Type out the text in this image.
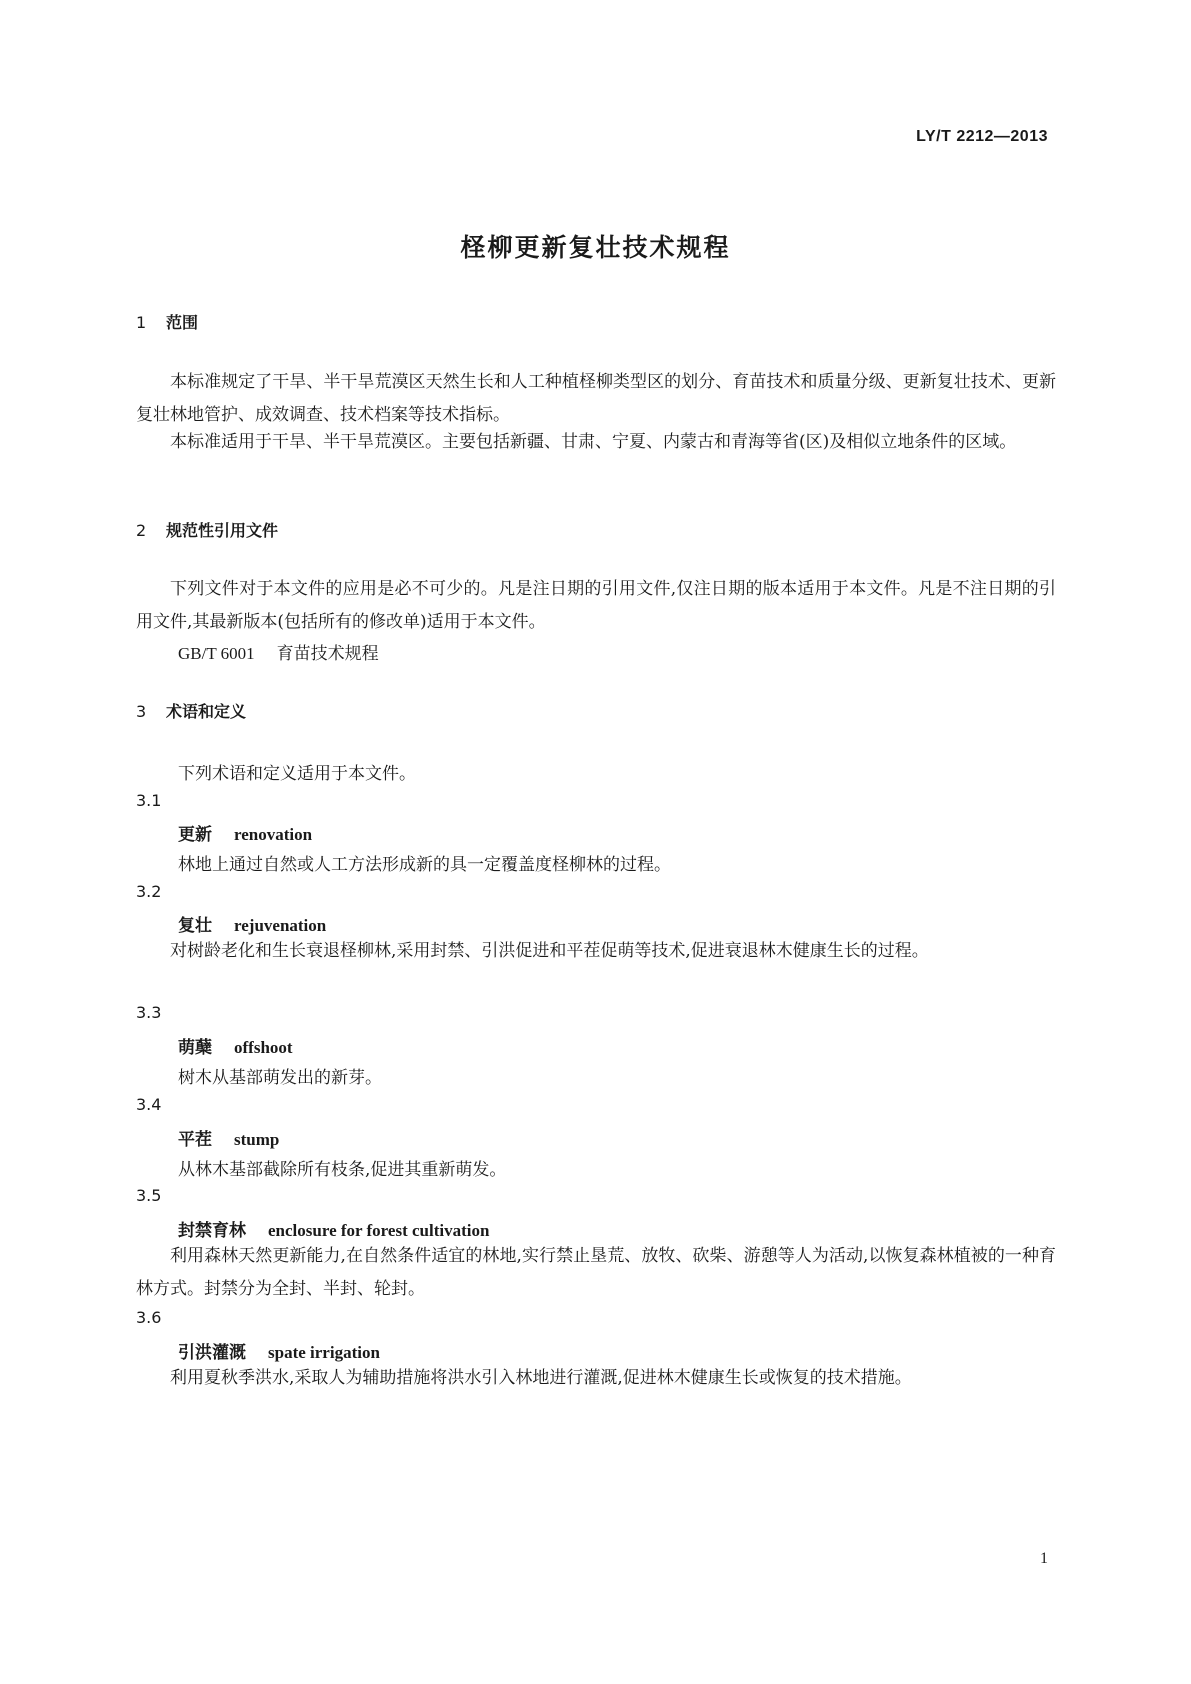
LY/T 2212—2013
柽柳更新复壮技术规程
1 范围
本标准规定了干旱、半干旱荒漠区天然生长和人工种植柽柳类型区的划分、育苗技术和质量分级、更新复壮技术、更新复壮林地管护、成效调查、技术档案等技术指标。
本标准适用于干旱、半干旱荒漠区。主要包括新疆、甘肃、宁夏、内蒙古和青海等省(区)及相似立地条件的区域。
2 规范性引用文件
下列文件对于本文件的应用是必不可少的。凡是注日期的引用文件,仅注日期的版本适用于本文件。凡是不注日期的引用文件,其最新版本(包括所有的修改单)适用于本文件。
GB/T 6001 育苗技术规程
3 术语和定义
下列术语和定义适用于本文件。
3.1
更新 renovation
林地上通过自然或人工方法形成新的具一定覆盖度柽柳林的过程。
3.2
复壮 rejuvenation
对树龄老化和生长衰退柽柳林,采用封禁、引洪促进和平茬促萌等技术,促进衰退林木健康生长的过程。
3.3
萌蘖 offshoot
树木从基部萌发出的新芽。
3.4
平茬 stump
从林木基部截除所有枝条,促进其重新萌发。
3.5
封禁育林 enclosure for forest cultivation
利用森林天然更新能力,在自然条件适宜的林地,实行禁止垦荒、放牧、砍柴、游憩等人为活动,以恢复森林植被的一种育林方式。封禁分为全封、半封、轮封。
3.6
引洪灌溉 spate irrigation
利用夏秋季洪水,采取人为辅助措施将洪水引入林地进行灌溉,促进林木健康生长或恢复的技术措施。
1
